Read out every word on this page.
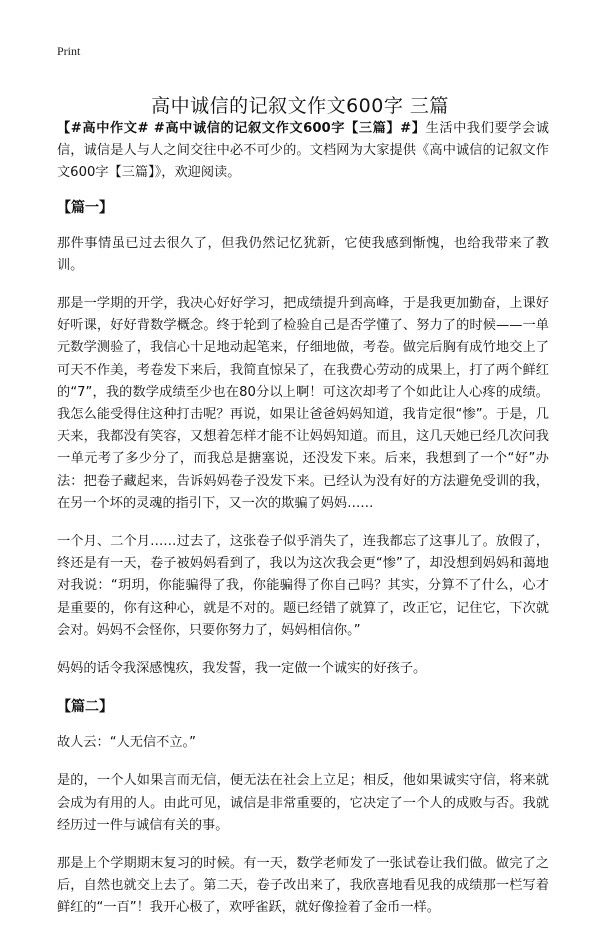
Print
高中诚信的记叙文作文600字 三篇

【#高中作文# #高中诚信的记叙文作文600字【三篇】#】生活中我们要学会诚信，诚信是人与人之间交往中必不可少的。文档网为大家提供《高中诚信的记叙文作文600字【三篇】》，欢迎阅读。

【篇一】

那件事情虽已过去很久了，但我仍然记忆犹新，它使我感到惭愧，也给我带来了教训。

那是一学期的开学，我决心好好学习，把成绩提升到高峰，于是我更加勤奋，上课好好听课，好好背数学概念。终于轮到了检验自己是否学懂了、努力了的时候——一单元数学测验了，我信心十足地动起笔来，仔细地做，考卷。做完后胸有成竹地交上了可天不作美，考卷发下来后，我简直惊呆了，在我费心劳动的成果上，打了两个鲜红的“7”，我的数学成绩至少也在80分以上啊！可这次却考了个如此让人心疼的成绩。我怎么能受得住这种打击呢？再说，如果让爸爸妈妈知道，我肯定很“惨”。于是，几天来，我都没有笑容，又想着怎样才能不让妈妈知道。而且，这几天她已经几次问我一单元考了多少分了，而我总是搪塞说，还没发下来。后来，我想到了一个“好”办法：把卷子藏起来，告诉妈妈卷子没发下来。已经认为没有好的方法避免受训的我，在另一个坏的灵魂的指引下，又一次的欺骗了妈妈……

一个月、二个月……过去了，这张卷子似乎消失了，连我都忘了这事儿了。放假了，终还是有一天，卷子被妈妈看到了，我以为这次我会更“惨”了，却没想到妈妈和蔼地对我说：“玥玥，你能骗得了我，你能骗得了你自己吗？其实，分算不了什么，心才是重要的，你有这种心，就是不对的。题已经错了就算了，改正它，记住它，下次就会对。妈妈不会怪你，只要你努力了，妈妈相信你。”

妈妈的话令我深感愧疚，我发誓，我一定做一个诚实的好孩子。

【篇二】

故人云：“人无信不立。”

是的，一个人如果言而无信，便无法在社会上立足；相反，他如果诚实守信，将来就会成为有用的人。由此可见，诚信是非常重要的，它决定了一个人的成败与否。我就经历过一件与诚信有关的事。

那是上个学期期末复习的时候。有一天，数学老师发了一张试卷让我们做。做完了之后，自然也就交上去了。第二天，卷子改出来了，我欣喜地看见我的成绩那一栏写着鲜红的“一百”！我开心极了，欢呼雀跃，就好像捡着了金币一样。
